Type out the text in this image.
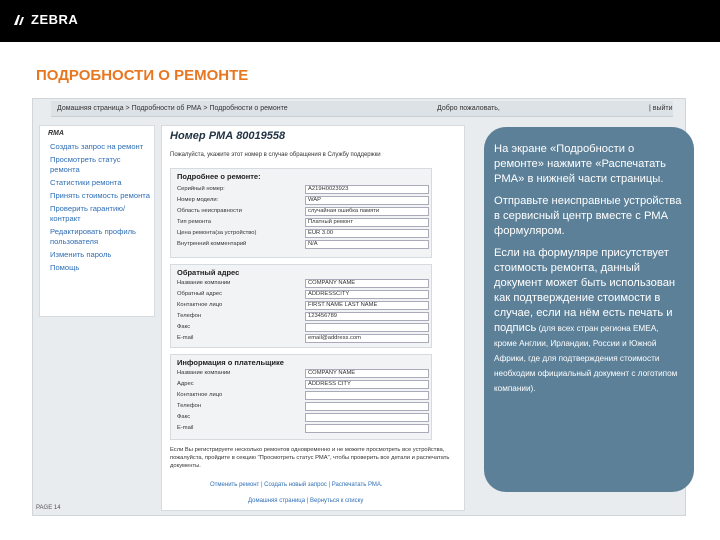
ZEBRA
ПОДРОБНОСТИ О РЕМОНТЕ
Домашняя страница > Подробности об РМА > Подробности о ремонте	Добро пожаловать,	| выйти
RMA
Создать запрос на ремонт
Просмотреть статус ремонта
Статистики ремонта
Принять стоимость ремонта
Проверить гарантию/контракт
Редактировать профиль пользователя
Изменить пароль
Помощь
Номер РМА 80019558
Пожалуйста, укажите этот номер в случае обращения в Службу поддержки
Подробнее о ремонте:
Серийный номер:	A219H0023923
Номер модели:	WAP
Область неисправности	случайная ошибка памяти
Тип ремонта	Платный ремонт
Цена ремонта(за устройство)	EUR 3.00
Внутренний комментарий	N/A
Обратный адрес
Название компании	COMPANY NAME
Обратный адрес	ADDRESSCITY
Контактное лицо	FIRST NAME LAST NAME
Телефон	123456789
Факс
E-mail	email@address.com
Информация о плательщике
Название компании	COMPANY NAME
Адрес	ADDRESS CITY
Контактное лицо
Телефон
Факс
E-mail
Если Вы регистрируете несколько ремонтов одновременно и не можете просмотреть все устройства, пожалуйста, пройдите в секцию "Просмотреть статус РМА", чтобы проверить все детали и распечатать документы.
Отменить ремонт | Создать новый запрос | Распечатать РМА.
Домашняя страница | Вернуться к списку

На экране «Подробности о ремонте» нажмите «Распечатать РМА» в нижней части страницы.

Отправьте неисправные устройства в сервисный центр вместе с РМА формуляром.

Если на формуляре присутствует стоимость ремонта, данный документ может быть использован как подтверждение стоимости в случае, если на нём есть печать и подпись (для всех стран региона ЕМЕА, кроме Англии, Ирландии, России и Южной Африки, где для подтверждения стоимости необходим официальный документ с логотипом компании).

PAGE 14
